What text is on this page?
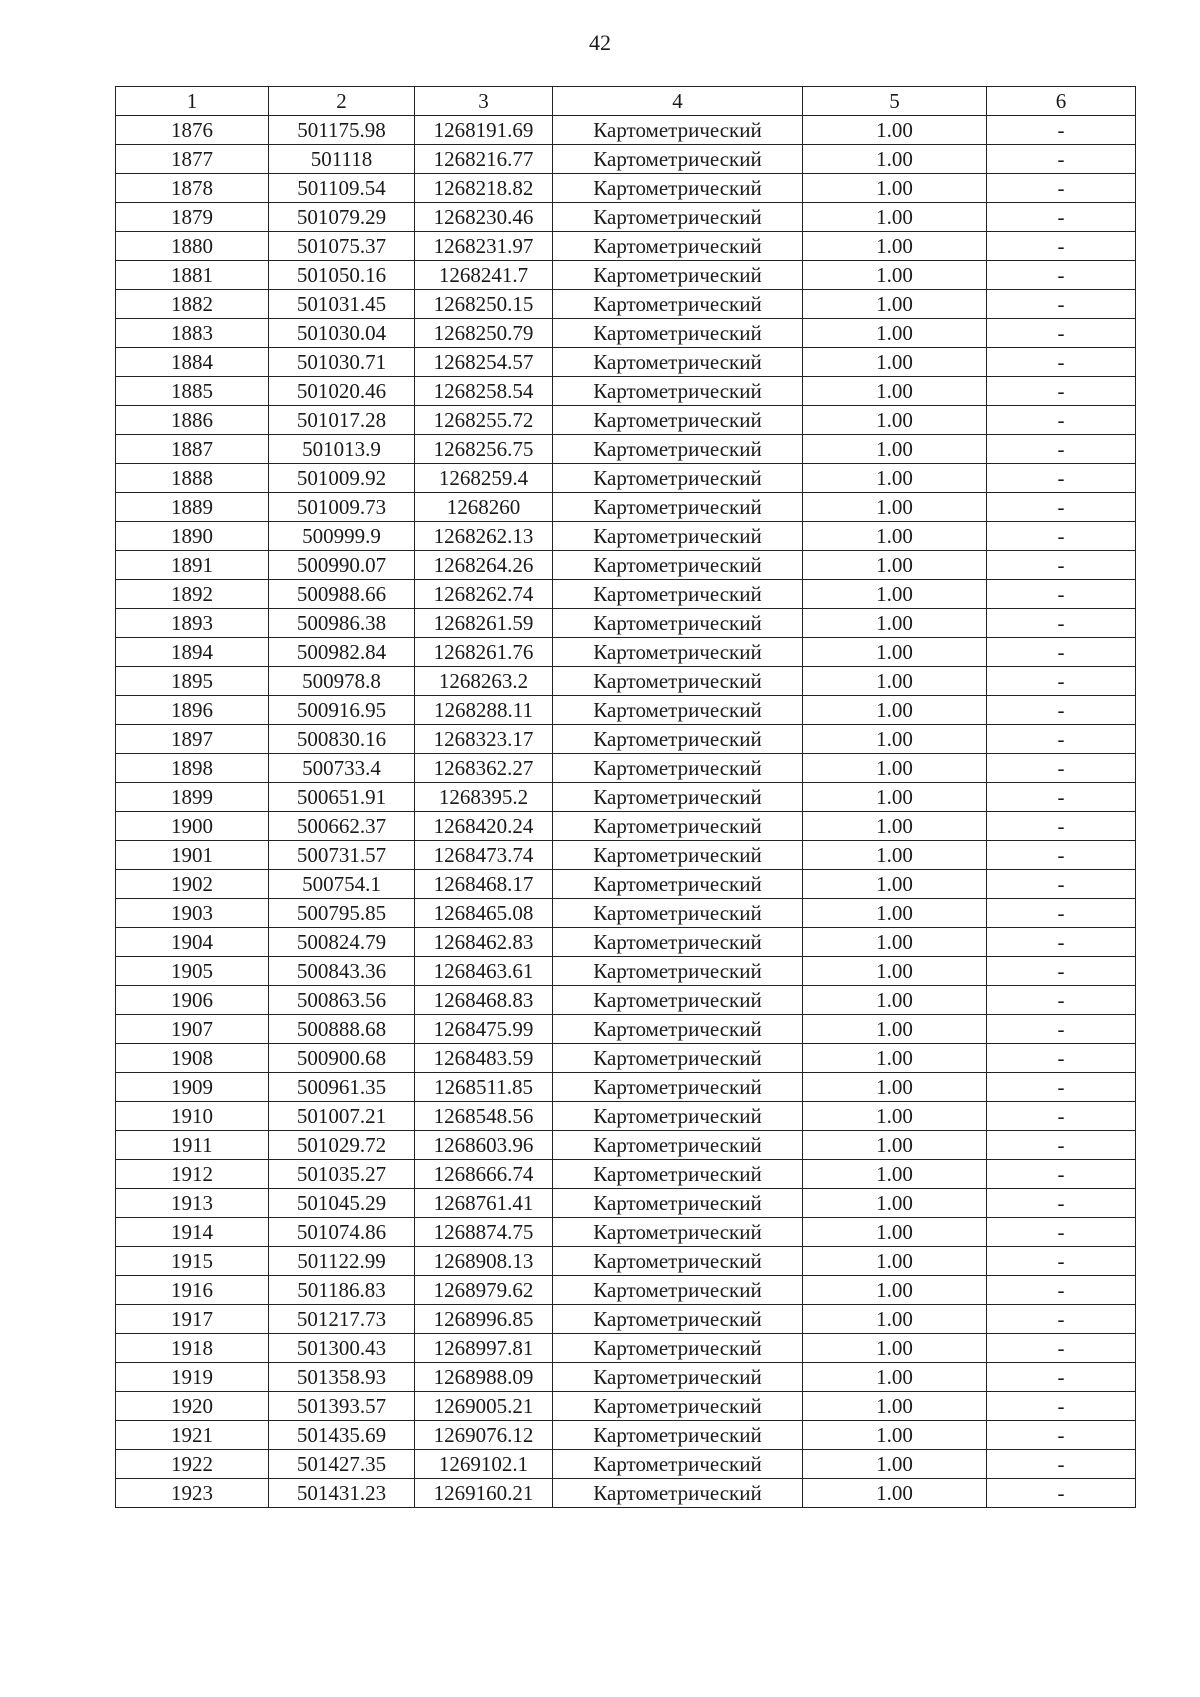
42
1	2	3	4	5	6
1876	501175.98	1268191.69	Картометрический	1.00	-
1877	501118	1268216.77	Картометрический	1.00	-
1878	501109.54	1268218.82	Картометрический	1.00	-
1879	501079.29	1268230.46	Картометрический	1.00	-
1880	501075.37	1268231.97	Картометрический	1.00	-
1881	501050.16	1268241.7	Картометрический	1.00	-
1882	501031.45	1268250.15	Картометрический	1.00	-
1883	501030.04	1268250.79	Картометрический	1.00	-
1884	501030.71	1268254.57	Картометрический	1.00	-
1885	501020.46	1268258.54	Картометрический	1.00	-
1886	501017.28	1268255.72	Картометрический	1.00	-
1887	501013.9	1268256.75	Картометрический	1.00	-
1888	501009.92	1268259.4	Картометрический	1.00	-
1889	501009.73	1268260	Картометрический	1.00	-
1890	500999.9	1268262.13	Картометрический	1.00	-
1891	500990.07	1268264.26	Картометрический	1.00	-
1892	500988.66	1268262.74	Картометрический	1.00	-
1893	500986.38	1268261.59	Картометрический	1.00	-
1894	500982.84	1268261.76	Картометрический	1.00	-
1895	500978.8	1268263.2	Картометрический	1.00	-
1896	500916.95	1268288.11	Картометрический	1.00	-
1897	500830.16	1268323.17	Картометрический	1.00	-
1898	500733.4	1268362.27	Картометрический	1.00	-
1899	500651.91	1268395.2	Картометрический	1.00	-
1900	500662.37	1268420.24	Картометрический	1.00	-
1901	500731.57	1268473.74	Картометрический	1.00	-
1902	500754.1	1268468.17	Картометрический	1.00	-
1903	500795.85	1268465.08	Картометрический	1.00	-
1904	500824.79	1268462.83	Картометрический	1.00	-
1905	500843.36	1268463.61	Картометрический	1.00	-
1906	500863.56	1268468.83	Картометрический	1.00	-
1907	500888.68	1268475.99	Картометрический	1.00	-
1908	500900.68	1268483.59	Картометрический	1.00	-
1909	500961.35	1268511.85	Картометрический	1.00	-
1910	501007.21	1268548.56	Картометрический	1.00	-
1911	501029.72	1268603.96	Картометрический	1.00	-
1912	501035.27	1268666.74	Картометрический	1.00	-
1913	501045.29	1268761.41	Картометрический	1.00	-
1914	501074.86	1268874.75	Картометрический	1.00	-
1915	501122.99	1268908.13	Картометрический	1.00	-
1916	501186.83	1268979.62	Картометрический	1.00	-
1917	501217.73	1268996.85	Картометрический	1.00	-
1918	501300.43	1268997.81	Картометрический	1.00	-
1919	501358.93	1268988.09	Картометрический	1.00	-
1920	501393.57	1269005.21	Картометрический	1.00	-
1921	501435.69	1269076.12	Картометрический	1.00	-
1922	501427.35	1269102.1	Картометрический	1.00	-
1923	501431.23	1269160.21	Картометрический	1.00	-
